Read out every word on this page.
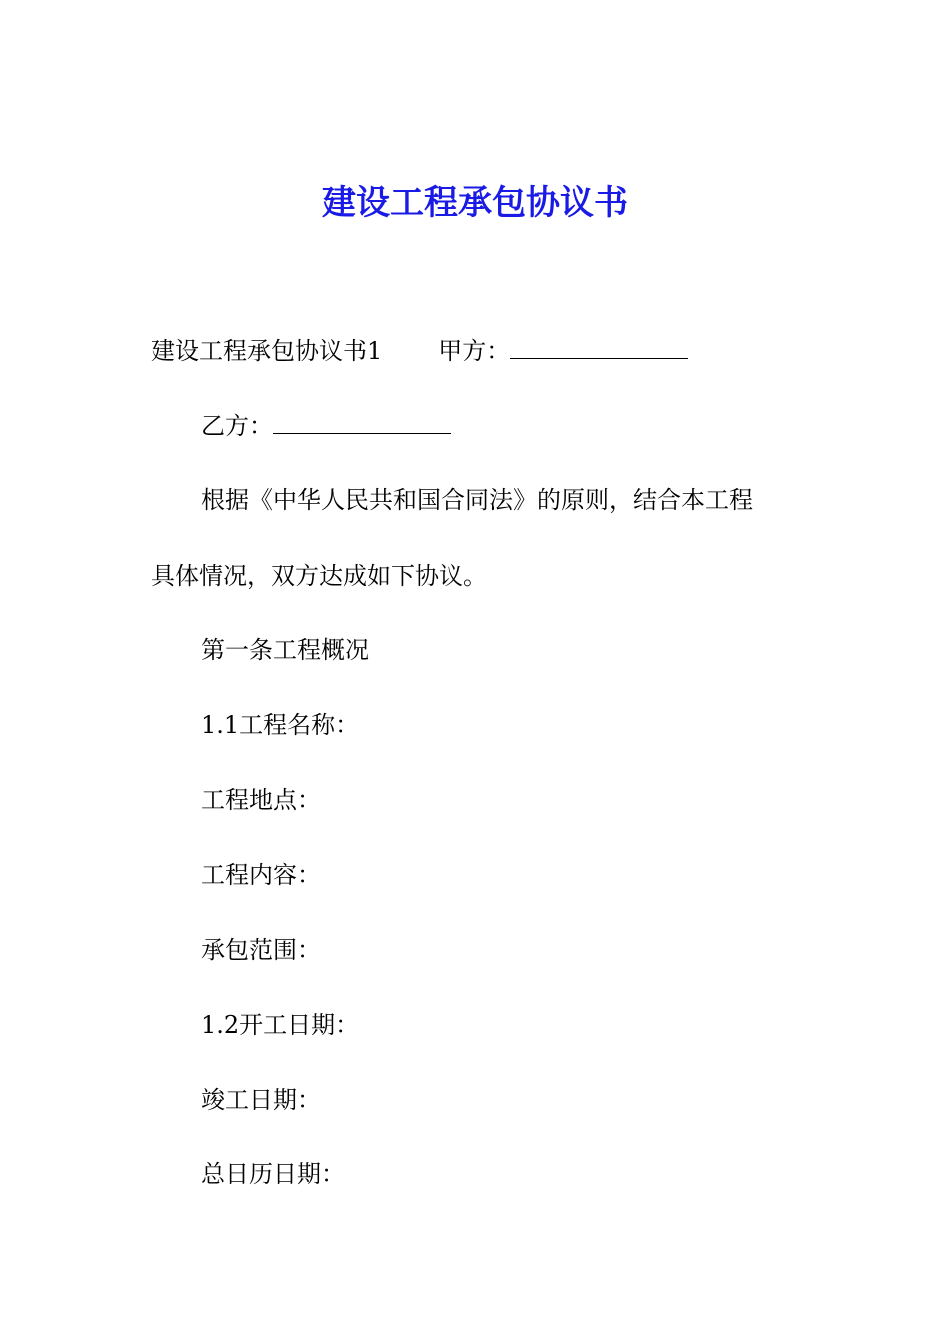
建设工程承包协议书
建设工程承包协议书1 甲方：
乙方：
根据《中华人民共和国合同法》的原则，结合本工程
具体情况，双方达成如下协议。
第一条工程概况
1.1工程名称：
工程地点：
工程内容：
承包范围：
1.2开工日期：
竣工日期：
总日历日期：
